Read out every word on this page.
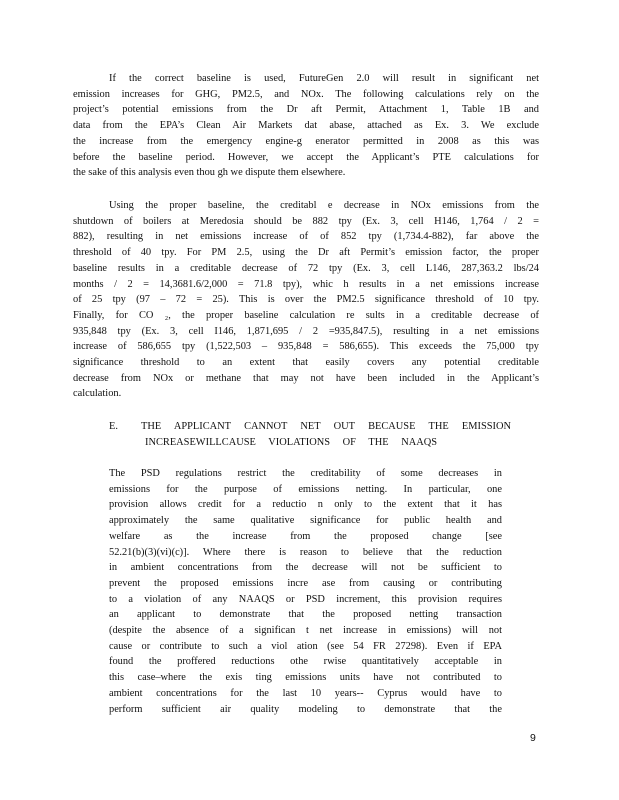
If the correct baseline is used, FutureGen 2.0 will result in significant net
emission increases for GHG, PM2.5, and NOx. The following calculations rely on the
project’s potential emissions from the Dr aft Permit, Attachment 1, Table 1B and
data from the EPA’s Clean Air Markets dat abase, attached as Ex. 3. We exclude
the increase from the emergency engine-g enerator permitted in 2008 as this was
before the baseline period. However, we accept the Applicant’s PTE calculations for
the sake of this analysis even thou gh we dispute them elsewhere.
Using the proper baseline, the creditabl e decrease in NOx emissions from the
shutdown of boilers at Meredosia should be 882 tpy (Ex. 3, cell H146, 1,764 / 2 =
882), resulting in net emissions increase of of 852 tpy (1,734.4-882), far above the
threshold of 40 tpy. For PM 2.5, using the Dr aft Permit’s emission factor, the proper
baseline results in a creditable decrease of 72 tpy (Ex. 3, cell L146, 287,363.2 lbs/24
months / 2 = 14,3681.6/2,000 = 71.8 tpy), whic h results in a net emissions increase
of 25 tpy (97 – 72 = 25). This is over the PM2.5 significance threshold of 10 tpy.
Finally, for CO ₂, the proper baseline calculation re sults in a creditable decrease of
935,848 tpy (Ex. 3, cell I146, 1,871,695 / 2 =935,847.5), resulting in a net emissions
increase of 586,655 tpy (1,522,503 – 935,848 = 586,655). This exceeds the 75,000 tpy
significance threshold to an extent that easily covers any potential creditable
decrease from NOx or methane that may not have been included in the Applicant’s
calculation.
E.	THE APPLICANT CANNOT NET OUT BECAUSE THE EMISSION
INCREASEWILLCAUSE VIOLATIONS OF THE NAAQS
The PSD regulations restrict the creditability of some decreases in
emissions for the purpose of emissions netting. In particular, one
provision allows credit for a reductio n only to the extent that it has
approximately the same qualitative significance for public health and
welfare as the increase from the proposed change [see
52.21(b)(3)(vi)(c)]. Where there is reason to believe that the reduction
in ambient concentrations from the decrease will not be sufficient to
prevent the proposed emissions incre ase from causing or contributing
to a violation of any NAAQS or PSD increment, this provision requires
an applicant to demonstrate that the proposed netting transaction
(despite the absence of a significan t net increase in emissions) will not
cause or contribute to such a viol ation (see 54 FR 27298). Even if EPA
found the proffered reductions othe rwise quantitatively acceptable in
this case–where the exis ting emissions units have not contributed to
ambient concentrations for the last 10 years-- Cyprus would have to
perform sufficient air quality modeling to demonstrate that the
9
